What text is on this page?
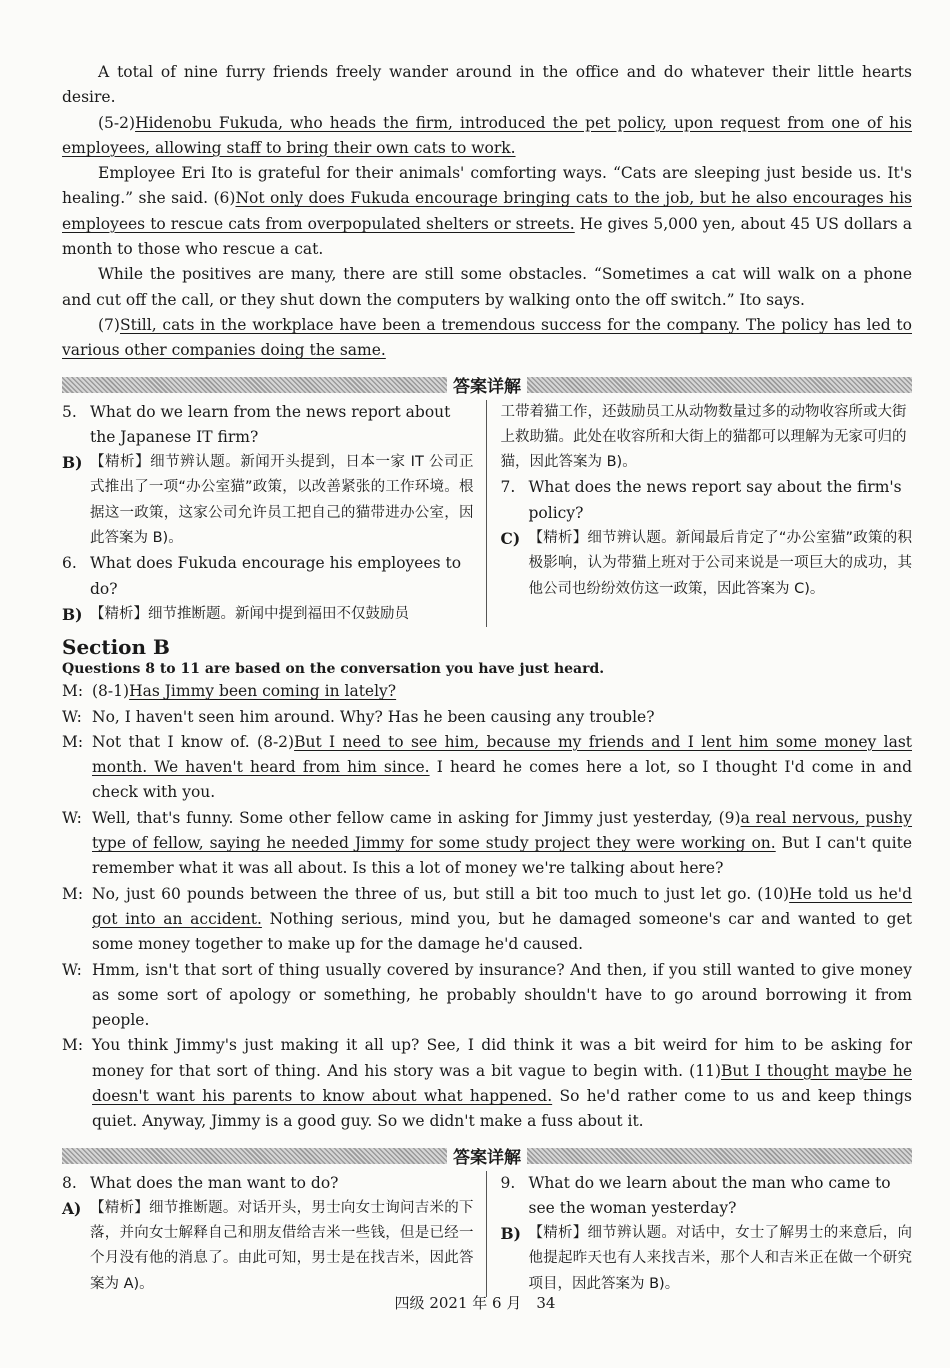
A total of nine furry friends freely wander around in the office and do whatever their little hearts desire.

(5-2)Hidenobu Fukuda, who heads the firm, introduced the pet policy, upon request from one of his employees, allowing staff to bring their own cats to work.

Employee Eri Ito is grateful for their animals' comforting ways. “Cats are sleeping just beside us. It's healing.” she said. (6)Not only does Fukuda encourage bringing cats to the job, but he also encourages his employees to rescue cats from overpopulated shelters or streets. He gives 5,000 yen, about 45 US dollars a month to those who rescue a cat.

While the positives are many, there are still some obstacles. “Sometimes a cat will walk on a phone and cut off the call, or they shut down the computers by walking onto the off switch.” Ito says.

(7)Still, cats in the workplace have been a tremendous success for the company. The policy has led to various other companies doing the same.

答案详解
5. What do we learn from the news report about the Japanese IT firm?
B) 【精析】细节辨认题。新闻开头提到，日本一家 IT 公司正式推出了一项“办公室猫”政策，以改善紧张的工作环境。根据这一政策，这家公司允许员工把自己的猫带进办公室，因此答案为 B)。
6. What does Fukuda encourage his employees to do?
B) 【精析】细节推断题。新闻中提到福田不仅鼓励员
工带着猫工作，还鼓励员工从动物数量过多的动物收容所或大街上救助猫。此处在收容所和大街上的猫都可以理解为无家可归的猫，因此答案为 B)。
7. What does the news report say about the firm's policy?
C) 【精析】细节辨认题。新闻最后肯定了“办公室猫”政策的积极影响，认为带猫上班对于公司来说是一项巨大的成功，其他公司也纷纷效仿这一政策，因此答案为 C)。
Section B
Questions 8 to 11 are based on the conversation you have just heard.
M: (8-1)Has Jimmy been coming in lately?
W: No, I haven't seen him around. Why? Has he been causing any trouble?
M: Not that I know of. (8-2)But I need to see him, because my friends and I lent him some money last month. We haven't heard from him since. I heard he comes here a lot, so I thought I'd come in and check with you.
W: Well, that's funny. Some other fellow came in asking for Jimmy just yesterday, (9)a real nervous, pushy type of fellow, saying he needed Jimmy for some study project they were working on. But I can't quite remember what it was all about. Is this a lot of money we're talking about here?
M: No, just 60 pounds between the three of us, but still a bit too much to just let go. (10)He told us he'd got into an accident. Nothing serious, mind you, but he damaged someone's car and wanted to get some money together to make up for the damage he'd caused.
W: Hmm, isn't that sort of thing usually covered by insurance? And then, if you still wanted to give money as some sort of apology or something, he probably shouldn't have to go around borrowing it from people.
M: You think Jimmy's just making it all up? See, I did think it was a bit weird for him to be asking for money for that sort of thing. And his story was a bit vague to begin with. (11)But I thought maybe he doesn't want his parents to know about what happened. So he'd rather come to us and keep things quiet. Anyway, Jimmy is a good guy. So we didn't make a fuss about it.
答案详解
8. What does the man want to do?
A) 【精析】细节推断题。对话开头，男士向女士询问吉米的下落，并向女士解释自己和朋友借给吉米一些钱，但是已经一个月没有他的消息了。由此可知，男士是在找吉米，因此答案为 A)。
9. What do we learn about the man who came to see the woman yesterday?
B) 【精析】细节辨认题。对话中，女士了解男士的来意后，向他提起昨天也有人来找吉米，那个人和吉米正在做一个研究项目，因此答案为 B)。
四级 2021 年 6 月　34
